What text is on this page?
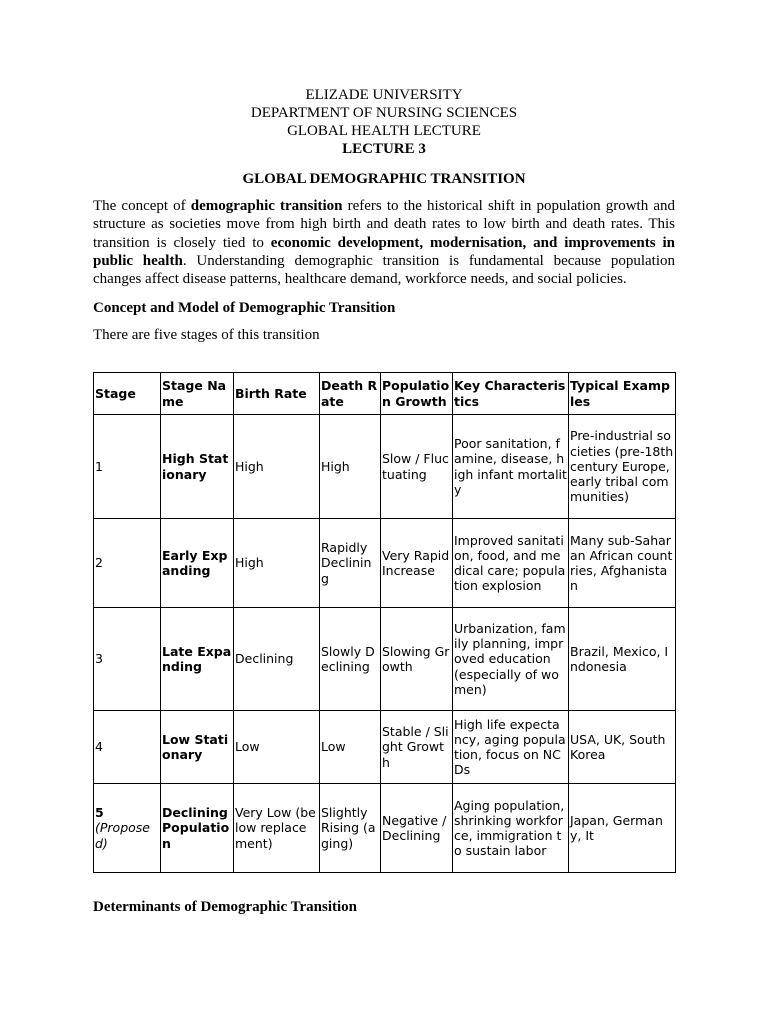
ELIZADE UNIVERSITY
DEPARTMENT OF NURSING SCIENCES
GLOBAL HEALTH LECTURE
LECTURE 3
GLOBAL DEMOGRAPHIC TRANSITION
The concept of demographic transition refers to the historical shift in population growth and structure as societies move from high birth and death rates to low birth and death rates. This transition is closely tied to economic development, modernisation, and improvements in public health. Understanding demographic transition is fundamental because population changes affect disease patterns, healthcare demand, workforce needs, and social policies.
Concept and Model of Demographic Transition
There are five stages of this transition
Stage	Stage Name	Birth Rate	Death Rate	Population Growth	Key Characteristics	Typical Examples
1	High Stationary	High	High	Slow / Fluctuating	Poor sanitation, famine, disease, high infant mortality	Pre-industrial societies (pre-18th century Europe, early tribal communities)
2	Early Expanding	High	Rapidly Declining	Very Rapid Increase	Improved sanitation, food, and medical care; population explosion	Many sub-Saharan African countries, Afghanistan
3	Late Expanding	Declining	Slowly Declining	Slowing Growth	Urbanization, family planning, improved education (especially of women)	Brazil, Mexico, Indonesia
4	Low Stationary	Low	Low	Stable / Slight Growth	High life expectancy, aging population, focus on NCDs	USA, UK, South Korea
5
(Proposed)	Declining Population	Very Low (below replacement)	Slightly Rising (aging)	Negative / Declining	Aging population, shrinking workforce, immigration to sustain labor	Japan, Germany, It
Determinants of Demographic Transition
